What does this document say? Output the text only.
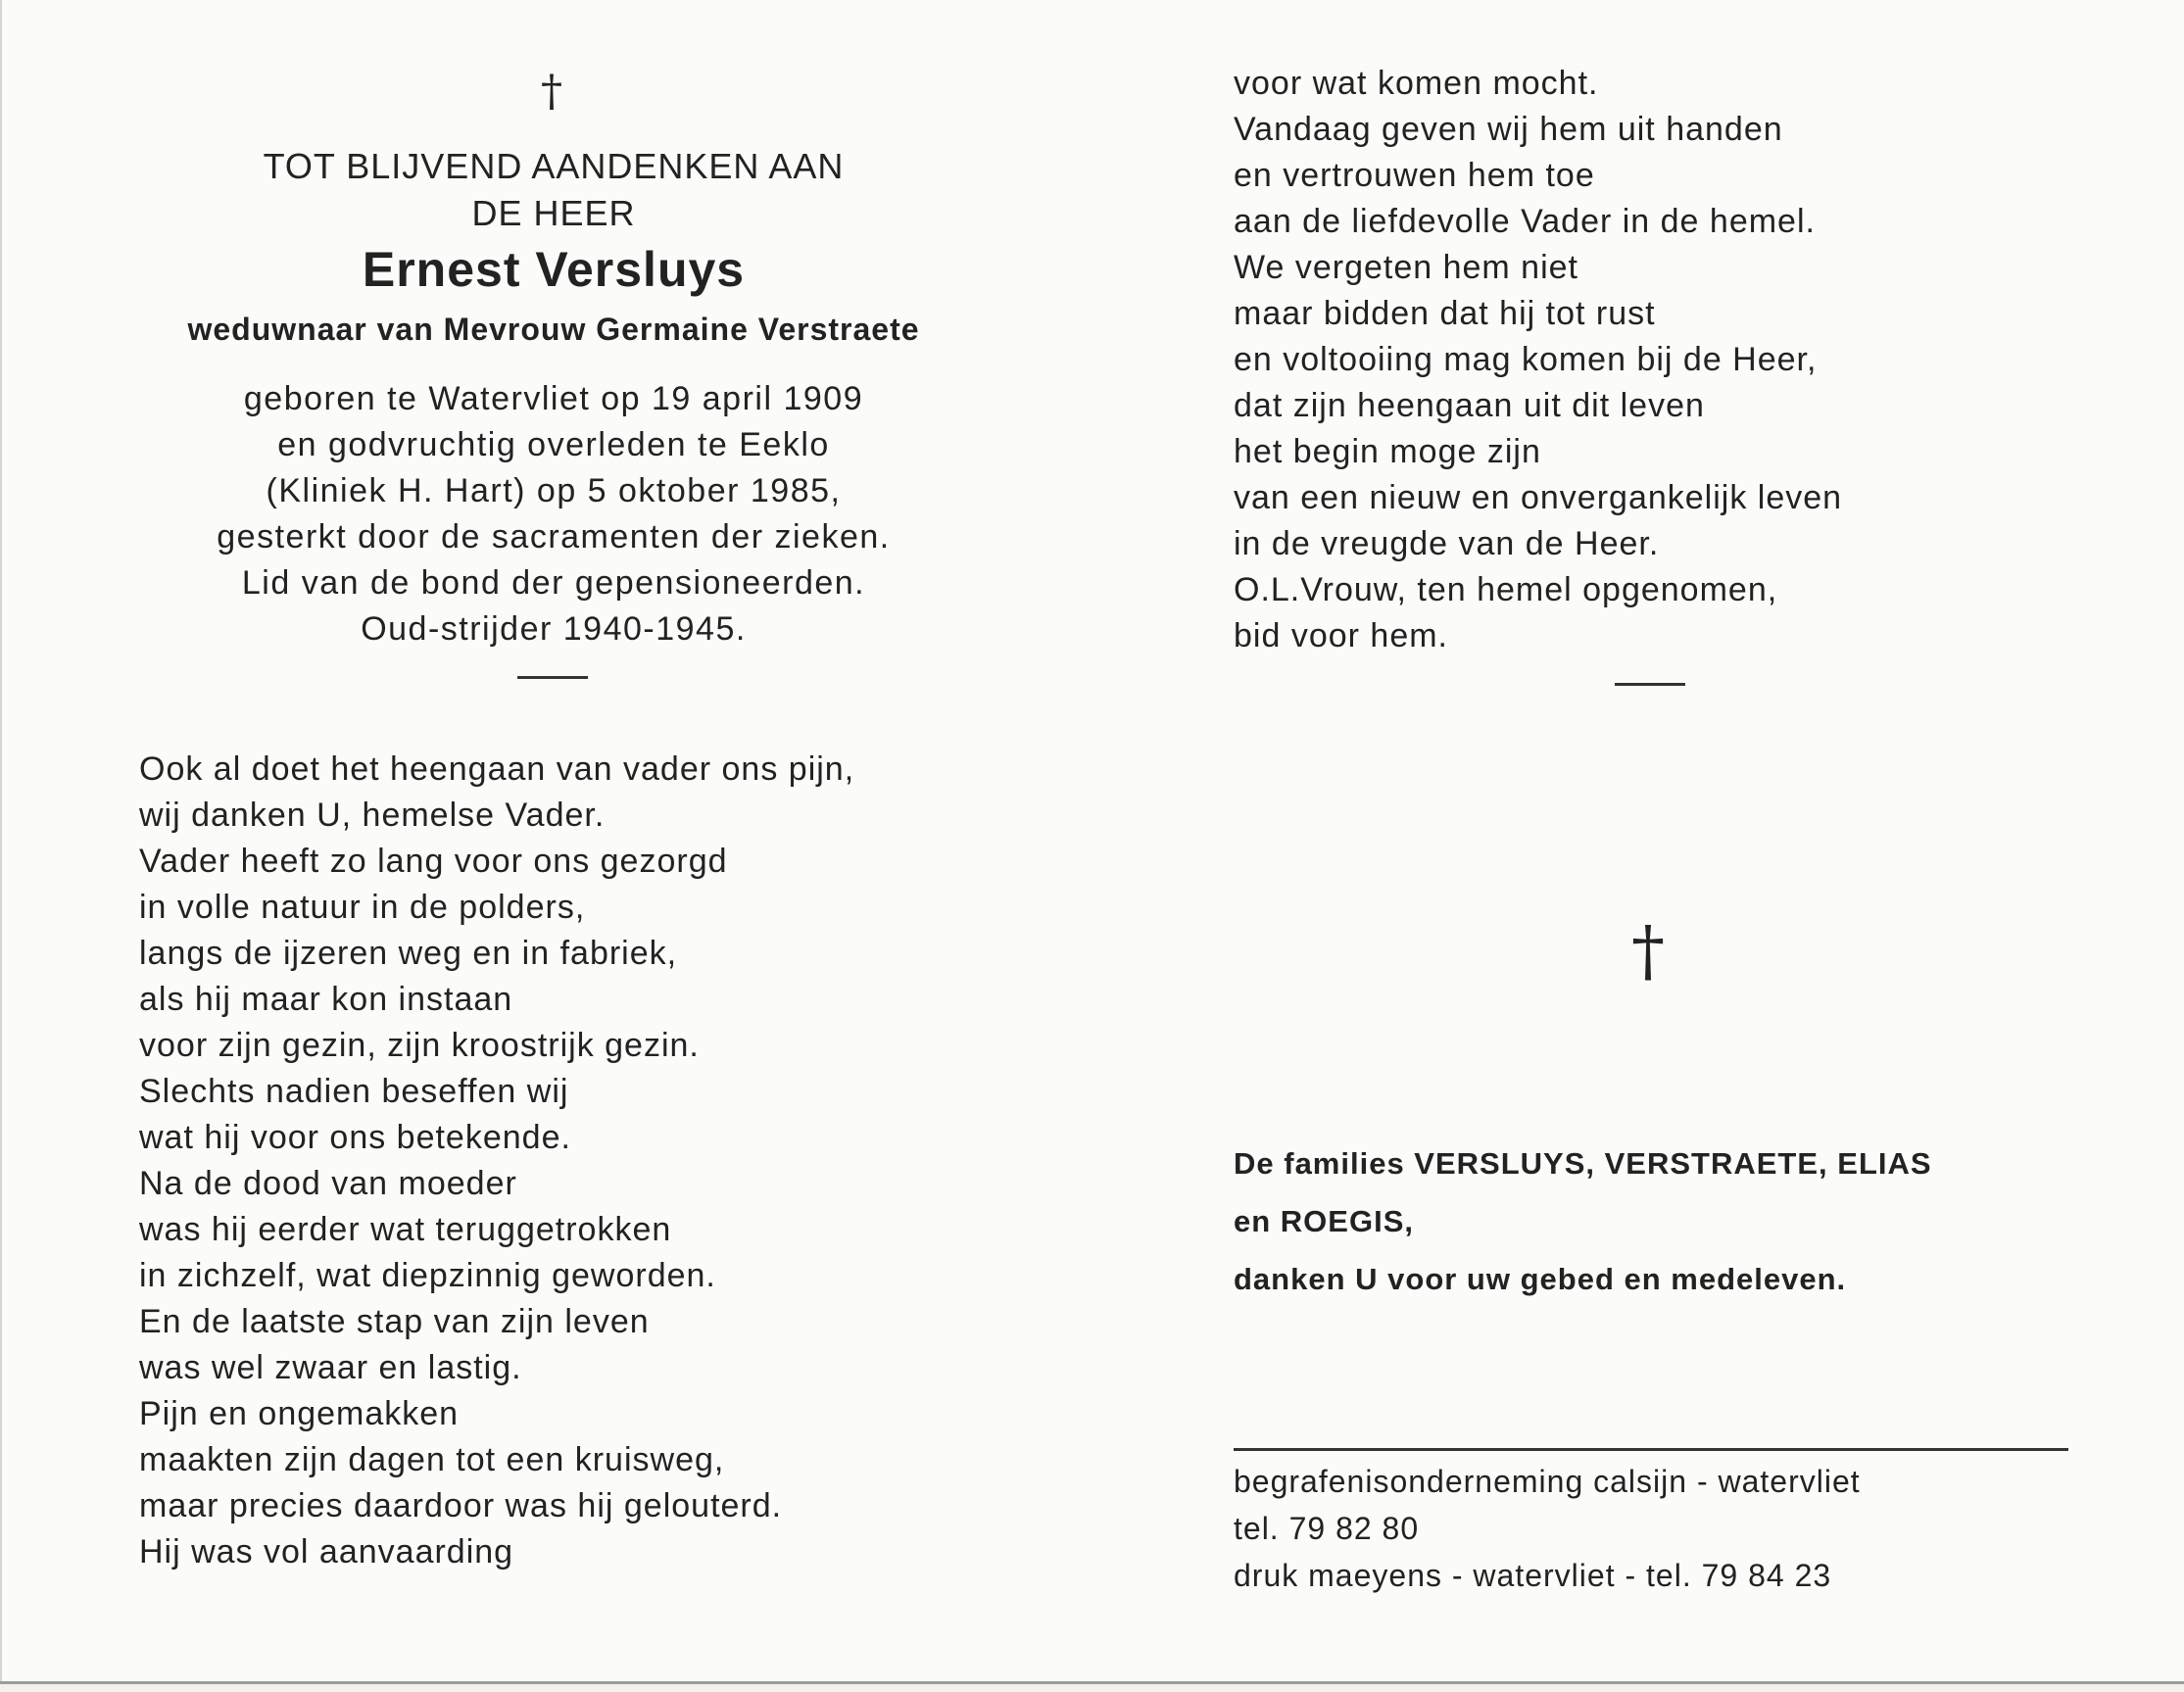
†
TOT BLIJVEND AANDENKEN AAN
DE HEER
Ernest Versluys
weduwnaar van Mevrouw Germaine Verstraete
geboren te Watervliet op 19 april 1909
en godvruchtig overleden te Eeklo
(Kliniek H. Hart) op 5 oktober 1985,
gesterkt door de sacramenten der zieken.
Lid van de bond der gepensioneerden.
Oud-strijder 1940-1945.
Ook al doet het heengaan van vader ons pijn,
wij danken U, hemelse Vader.
Vader heeft zo lang voor ons gezorgd
in volle natuur in de polders,
langs de ijzeren weg en in fabriek,
als hij maar kon instaan
voor zijn gezin, zijn kroostrijk gezin.
Slechts nadien beseffen wij
wat hij voor ons betekende.
Na de dood van moeder
was hij eerder wat teruggetrokken
in zichzelf, wat diepzinnig geworden.
En de laatste stap van zijn leven
was wel zwaar en lastig.
Pijn en ongemakken
maakten zijn dagen tot een kruisweg,
maar precies daardoor was hij gelouterd.
Hij was vol aanvaarding
voor wat komen mocht.
Vandaag geven wij hem uit handen
en vertrouwen hem toe
aan de liefdevolle Vader in de hemel.
We vergeten hem niet
maar bidden dat hij tot rust
en voltooiing mag komen bij de Heer,
dat zijn heengaan uit dit leven
het begin moge zijn
van een nieuw en onvergankelijk leven
in de vreugde van de Heer.
O.L.Vrouw, ten hemel opgenomen,
bid voor hem.
†
De families VERSLUYS, VERSTRAETE, ELIAS
en ROEGIS,
danken U voor uw gebed en medeleven.
begrafenisonderneming calsijn - watervliet
tel. 79 82 80
druk maeyens - watervliet - tel. 79 84 23
